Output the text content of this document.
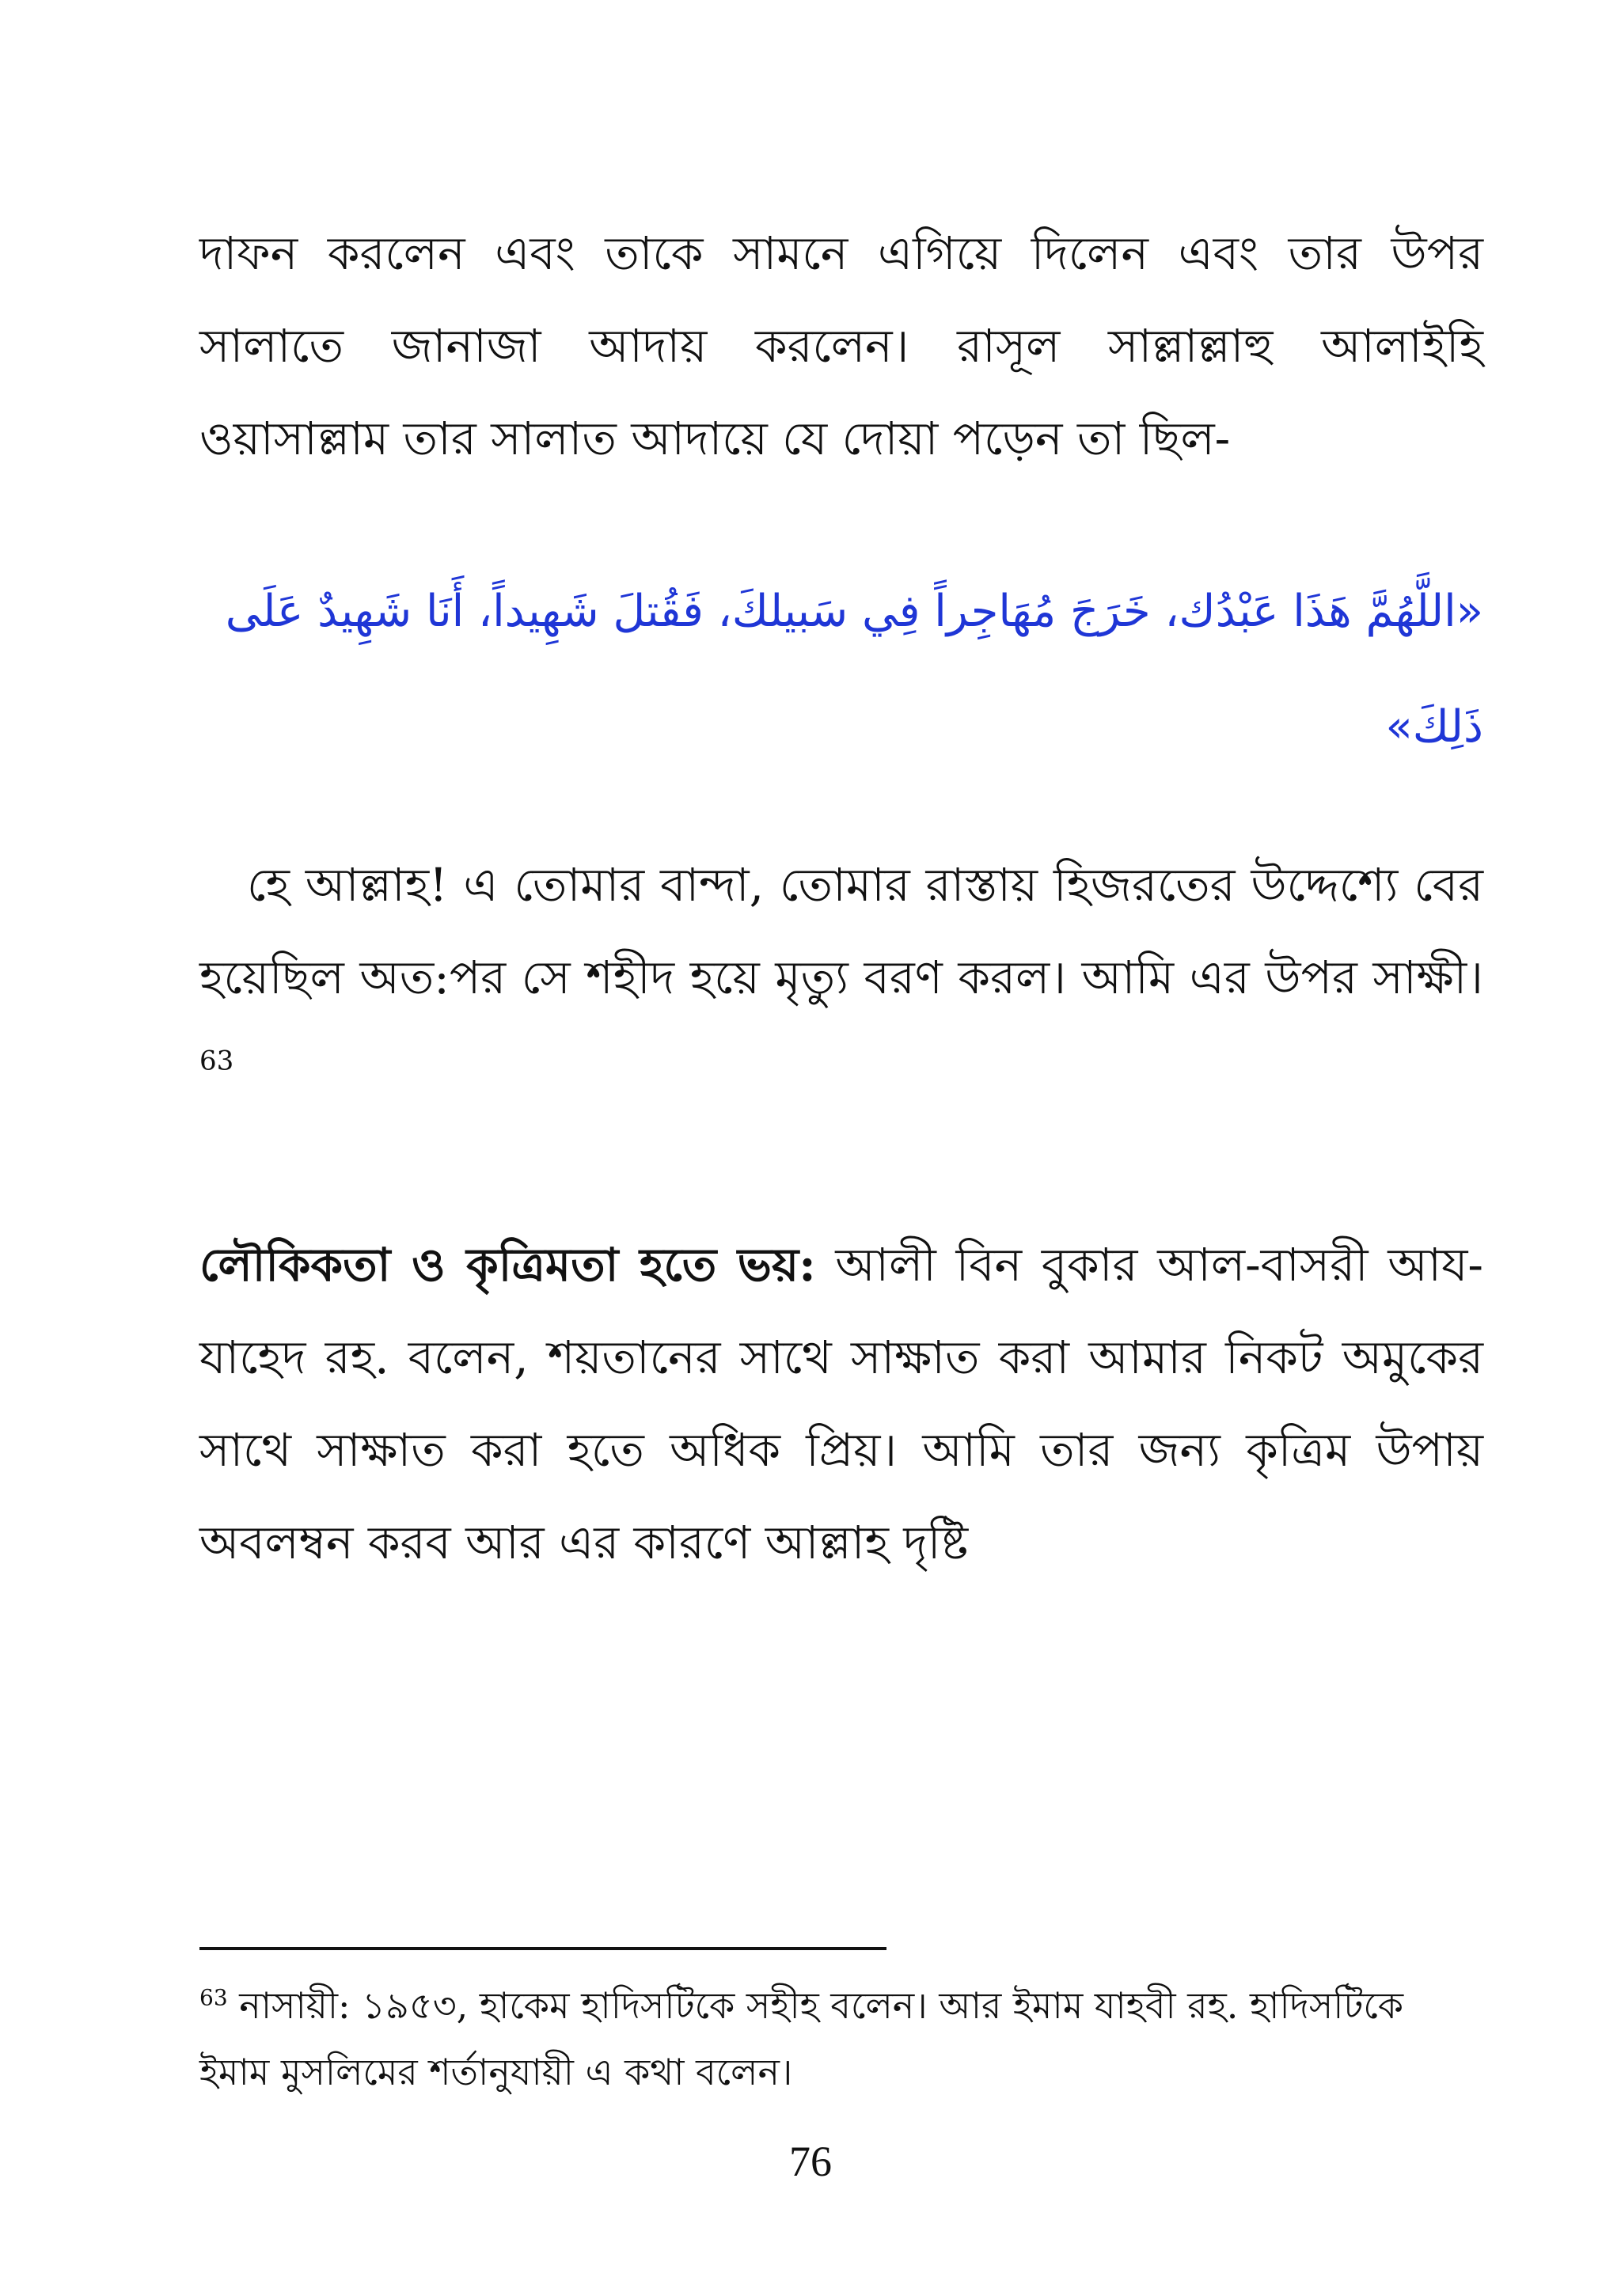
দাফন করলেন এবং তাকে সামনে এগিয়ে দিলেন এবং তার উপর সালাতে জানাজা আদায় করলেন। রাসূল সাল্লাল্লাহু আলাইহি ওয়াসাল্লাম তার সালাত আদায়ে যে দোয়া পড়েন তা ছিল-

«اللَّهُمَّ هَذَا عَبْدُك، خَرَجَ مُهَاجِراً فِي سَبيلكَ، فَقُتلَ شَهِيداً، أَنَا شَهِيدٌ عَلَى ذَلِكَ»

হে আল্লাহ! এ তোমার বান্দা, তোমার রাস্তায় হিজরতের উদ্দেশ্যে বের হয়েছিল অত:পর সে শহীদ হয়ে মৃত্যু বরণ করল। আমি এর উপর সাক্ষী।$^{63}$

লৌকিকতা ও কৃত্রিমতা হতে ভয়: আলী বিন বুকার আল-বাসরী আয-যাহেদ রহ. বলেন, শয়তানের সাথে সাক্ষাত করা আমার নিকট অমুকের সাথে সাক্ষাত করা হতে অধিক প্রিয়। আমি তার জন্য কৃত্রিম উপায় অবলম্বন করব আর এর কারণে আল্লাহ দৃষ্টি

$^{63}$ নাসায়ী: ১৯৫৩, হাকেম হাদিসটিকে সহীহ বলেন। আর ইমাম যাহবী রহ. হাদিসটিকে ইমাম মুসলিমের শর্তানুযায়ী এ কথা বলেন।

76
